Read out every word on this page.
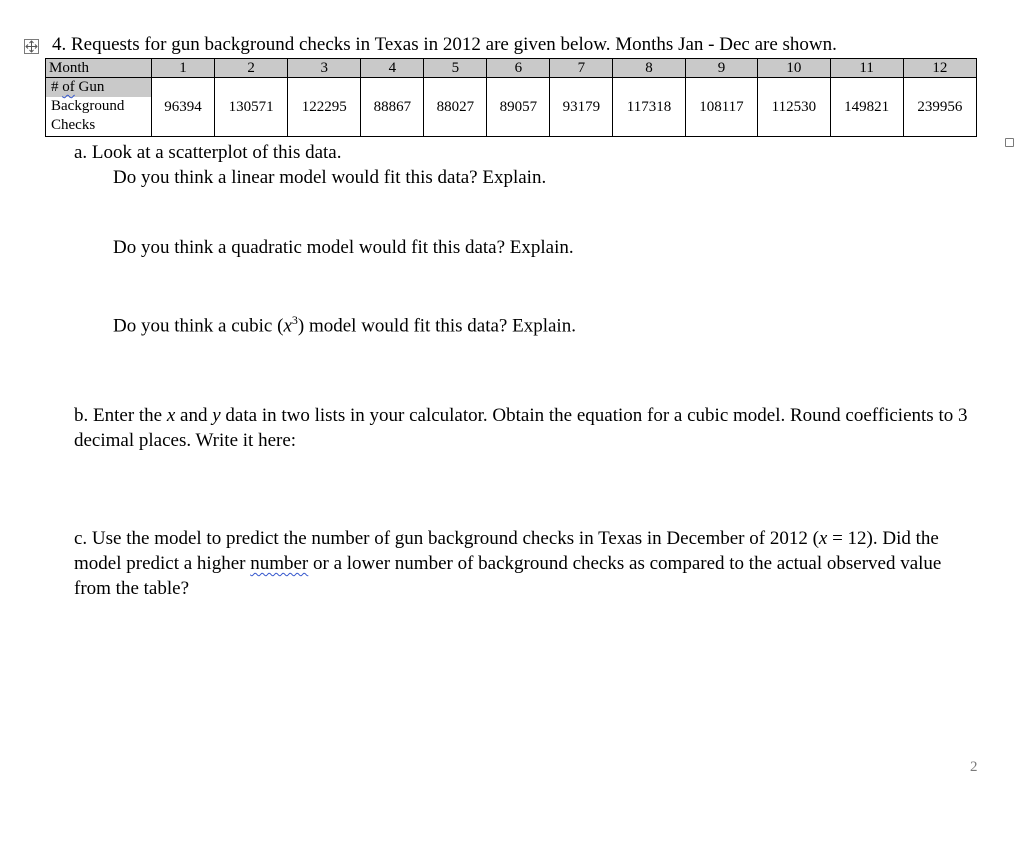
4. Requests for gun background checks in Texas in 2012 are given below. Months Jan - Dec are shown.
Month	1	2	3	4	5	6	7	8	9	10	11	12

# of Gun
Background
Checks	96394	130571	122295	88867	88027	89057	93179	117318	108117	112530	149821	239956
a. Look at a scatterplot of this data.
Do you think a linear model would fit this data? Explain.
Do you think a quadratic model would fit this data? Explain.
Do you think a cubic $(x^3)$ model would fit this data? Explain.
b. Enter the x and y data in two lists in your calculator. Obtain the equation for a cubic model. Round coefficients to 3 decimal places. Write it here:
c. Use the model to predict the number of gun background checks in Texas in December of 2012 (x = 12). Did the model predict a higher number or a lower number of background checks as compared to the actual observed value from the table?
2
